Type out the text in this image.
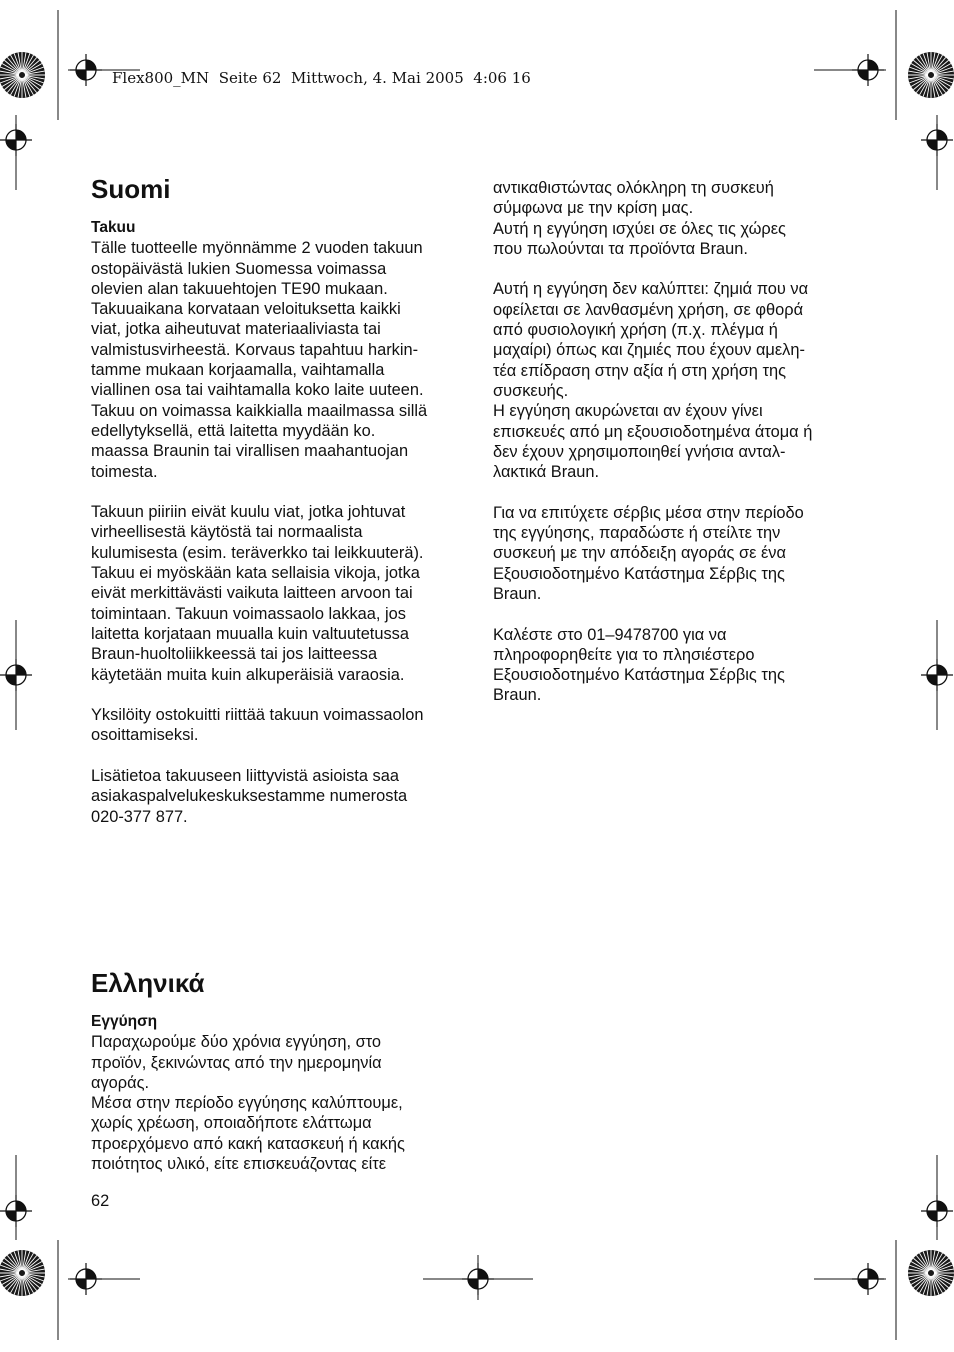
Flex800_MN  Seite 62  Mittwoch, 4. Mai 2005  4:06 16
Suomi

Takuu

Tälle tuotteelle myönnämme 2 vuoden takuun
ostopäivästä lukien Suomessa voimassa
olevien alan takuuehtojen TE90 mukaan.
Takuuaikana korvataan veloituksetta kaikki
viat, jotka aiheutuvat materiaaliviasta tai
valmistusvirheestä. Korvaus tapahtuu harkin-
tamme mukaan korjaamalla, vaihtamalla
viallinen osa tai vaihtamalla koko laite uuteen.
Takuu on voimassa kaikkialla maailmassa sillä
edellytyksellä, että laitetta myydään ko.
maassa Braunin tai virallisen maahantuojan
toimesta.

Takuun piiriin eivät kuulu viat, jotka johtuvat
virheellisestä käytöstä tai normaalista
kulumisesta (esim. teräverkko tai leikkuuterä).
Takuu ei myöskään kata sellaisia vikoja, jotka
eivät merkittävästi vaikuta laitteen arvoon tai
toimintaan. Takuun voimassaolo lakkaa, jos
laitetta korjataan muualla kuin valtuutetussa
Braun-huoltoliikkeessä tai jos laitteessa
käytetään muita kuin alkuperäisiä varaosia.

Yksilöity ostokuitti riittää takuun voimassaolon
osoittamiseksi.

Lisätietoa takuuseen liittyvistä asioista saa
asiakaspalvelukeskuksestamme numerosta
020-377 877.

αντικαθιστώντας ολόκληρη τη συσκευή
σύμφωνα με την κρίση μας.
Αυτή η εγγύηση ισχύει σε όλες τις χώρες
που πωλούνται τα προϊόντα Braun.

Αυτή η εγγύηση δεν καλύπτει: ζημιά που να
οφείλεται σε λανθασμένη χρήση, σε φθορά
από φυσιολογική χρήση (π.χ. πλέγμα ή
μαχαίρι) όπως και ζημιές που έχουν αμελη-
τέα επίδραση στην αξία ή στη χρήση της
συσκευής.
Η εγγύηση ακυρώνεται αν έχουν γίνει
επισκευές από μη εξουσιοδοτημένα άτομα ή
δεν έχουν χρησιμοποιηθεί γνήσια ανταλ-
λακτικά Braun.

Για να επιτύχετε σέρβις μέσα στην περίοδο
της εγγύησης, παραδώστε ή στείλτε την
συσκευή με την απόδειξη αγοράς σε ένα
Εξουσιοδοτημένο Κατάστημα Σέρβις της
Braun.

Καλέστε στο 01–9478700 για να
πληροφορηθείτε για το πλησιέστερο
Εξουσιοδοτημένο Κατάστημα Σέρβις της
Braun.

Ελληνικά

Εγγύηση

Παραχωρούμε δύο χρόνια εγγύηση, στο
προϊόν, ξεκινώντας από την ημερομηνία
αγοράς.
Μέσα στην περίοδο εγγύησης καλύπτουμε,
χωρίς χρέωση, οποιαδήποτε ελάττωμα
προερχόμενο από κακή κατασκευή ή κακής
ποιότητος υλικό, είτε επισκευάζοντας είτε

62
